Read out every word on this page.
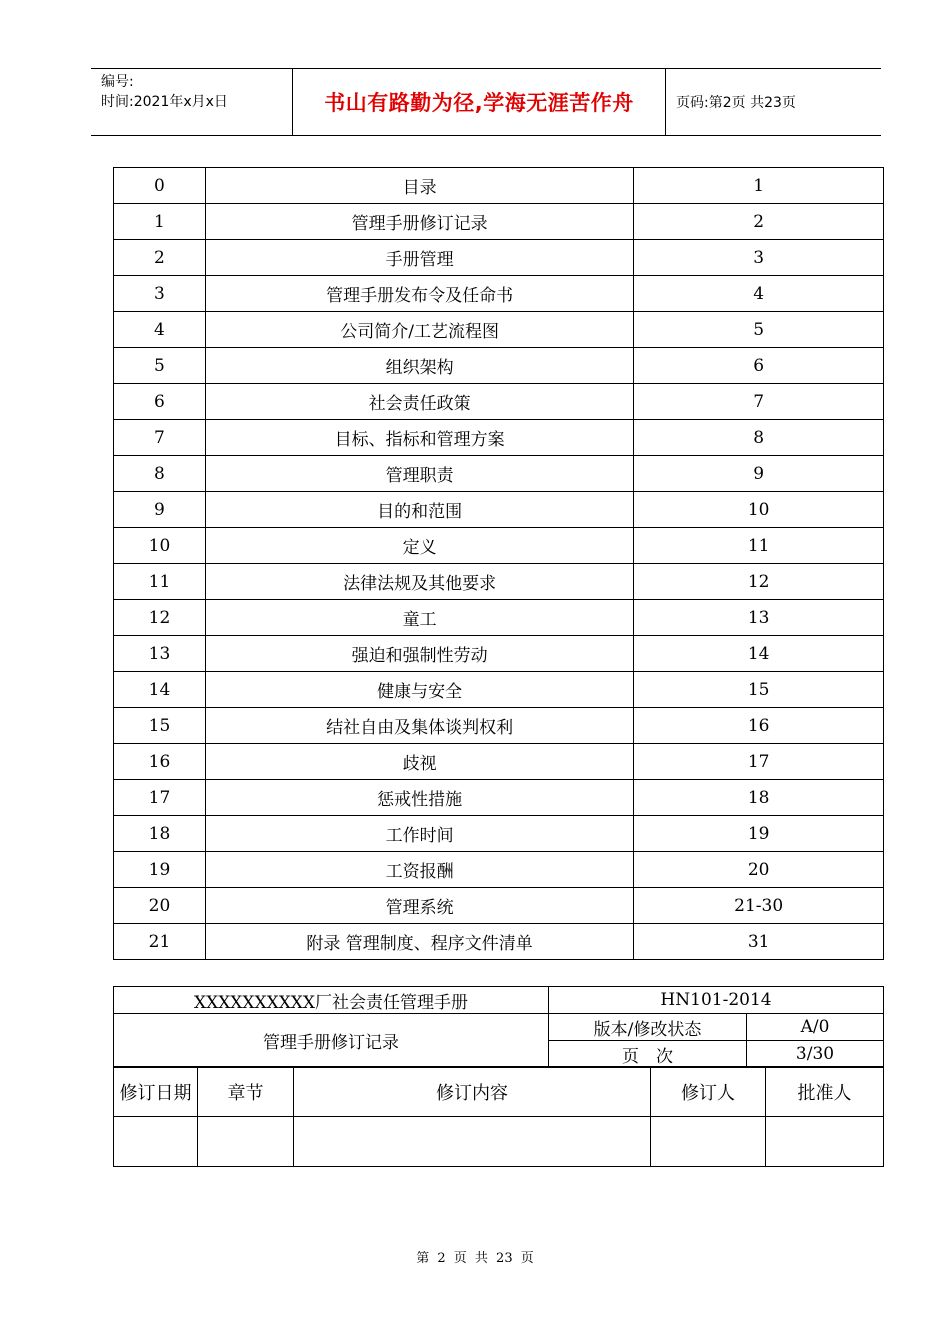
编号:
时间:2021年x月x日	书山有路勤为径,学海无涯苦作舟	页码:第2页 共23页
0	目录	1
1	管理手册修订记录	2
2	手册管理	3
3	管理手册发布令及任命书	4
4	公司简介/工艺流程图	5
5	组织架构	6
6	社会责任政策	7
7	目标、指标和管理方案	8
8	管理职责	9
9	目的和范围	10
10	定义	11
11	法律法规及其他要求	12
12	童工	13
13	强迫和强制性劳动	14
14	健康与安全	15
15	结社自由及集体谈判权利	16
16	歧视	17
17	惩戒性措施	18
18	工作时间	19
19	工资报酬	20
20	管理系统	21-30
21	附录 管理制度、程序文件清单	31
XXXXXXXXXX厂社会责任管理手册	HN101-2014	
管理手册修订记录	版本/修改状态	A/0
	页　次	3/30
修订日期	章节	修订内容	修订人	批准人

第 2 页 共 23 页
